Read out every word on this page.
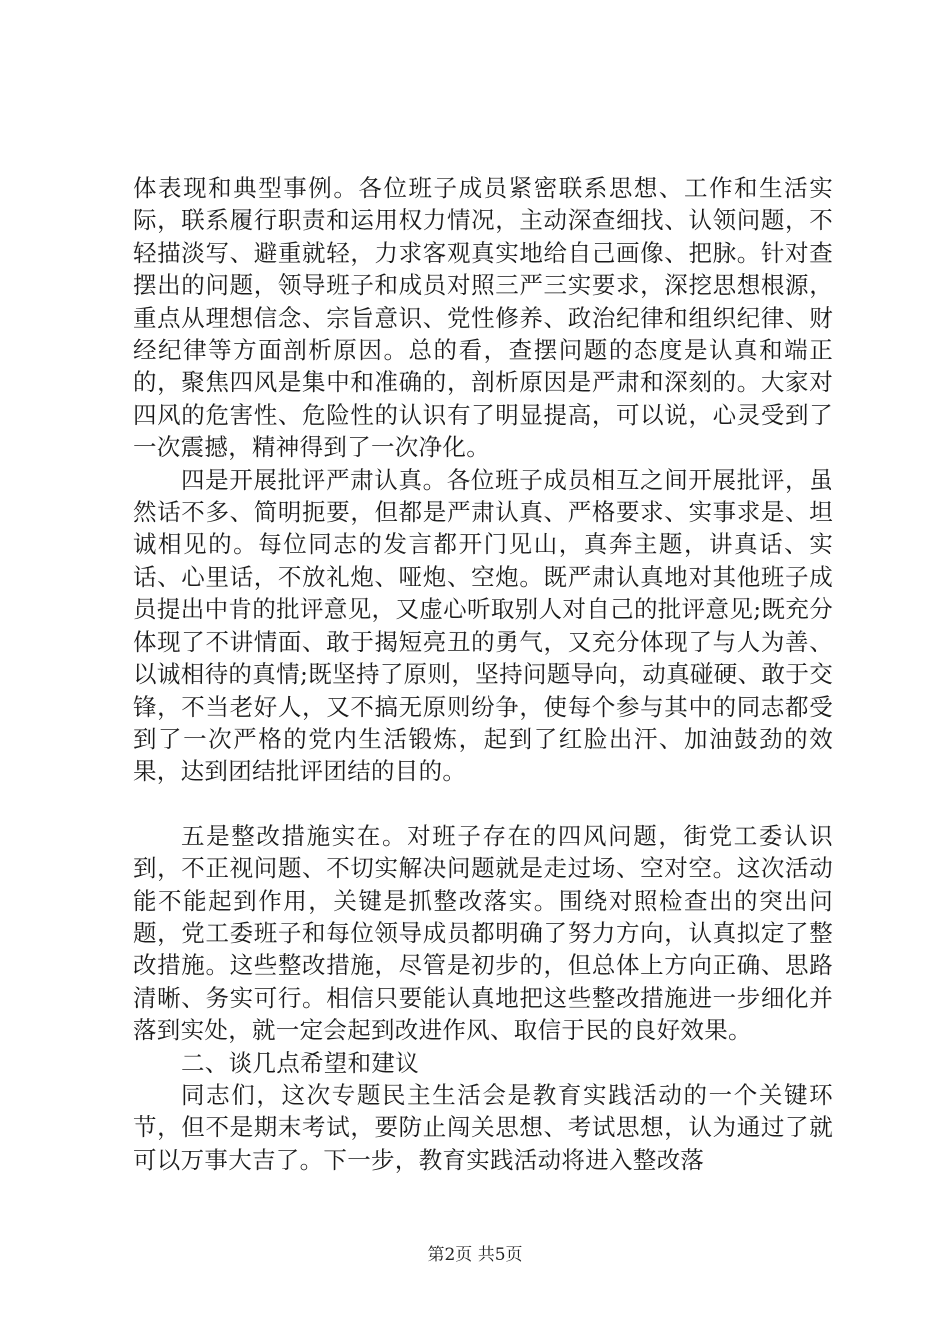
体表现和典型事例。各位班子成员紧密联系思想、工作和生活实际，联系履行职责和运用权力情况，主动深查细找、认领问题，不轻描淡写、避重就轻，力求客观真实地给自己画像、把脉。针对查摆出的问题，领导班子和成员对照三严三实要求，深挖思想根源，重点从理想信念、宗旨意识、党性修养、政治纪律和组织纪律、财经纪律等方面剖析原因。总的看，查摆问题的态度是认真和端正的，聚焦四风是集中和准确的，剖析原因是严肃和深刻的。大家对四风的危害性、危险性的认识有了明显提高，可以说，心灵受到了一次震撼，精神得到了一次净化。

四是开展批评严肃认真。各位班子成员相互之间开展批评，虽然话不多、简明扼要，但都是严肃认真、严格要求、实事求是、坦诚相见的。每位同志的发言都开门见山，真奔主题，讲真话、实话、心里话，不放礼炮、哑炮、空炮。既严肃认真地对其他班子成员提出中肯的批评意见，又虚心听取别人对自己的批评意见;既充分体现了不讲情面、敢于揭短亮丑的勇气，又充分体现了与人为善、以诚相待的真情;既坚持了原则，坚持问题导向，动真碰硬、敢于交锋，不当老好人，又不搞无原则纷争，使每个参与其中的同志都受到了一次严格的党内生活锻炼，起到了红脸出汗、加油鼓劲的效果，达到团结批评团结的目的。

五是整改措施实在。对班子存在的四风问题，街党工委认识到，不正视问题、不切实解决问题就是走过场、空对空。这次活动能不能起到作用，关键是抓整改落实。围绕对照检查出的突出问题，党工委班子和每位领导成员都明确了努力方向，认真拟定了整改措施。这些整改措施，尽管是初步的，但总体上方向正确、思路清晰、务实可行。相信只要能认真地把这些整改措施进一步细化并落到实处，就一定会起到改进作风、取信于民的良好效果。

二、谈几点希望和建议

同志们，这次专题民主生活会是教育实践活动的一个关键环节，但不是期末考试，要防止闯关思想、考试思想，认为通过了就可以万事大吉了。下一步，教育实践活动将进入整改落

第2页 共5页
